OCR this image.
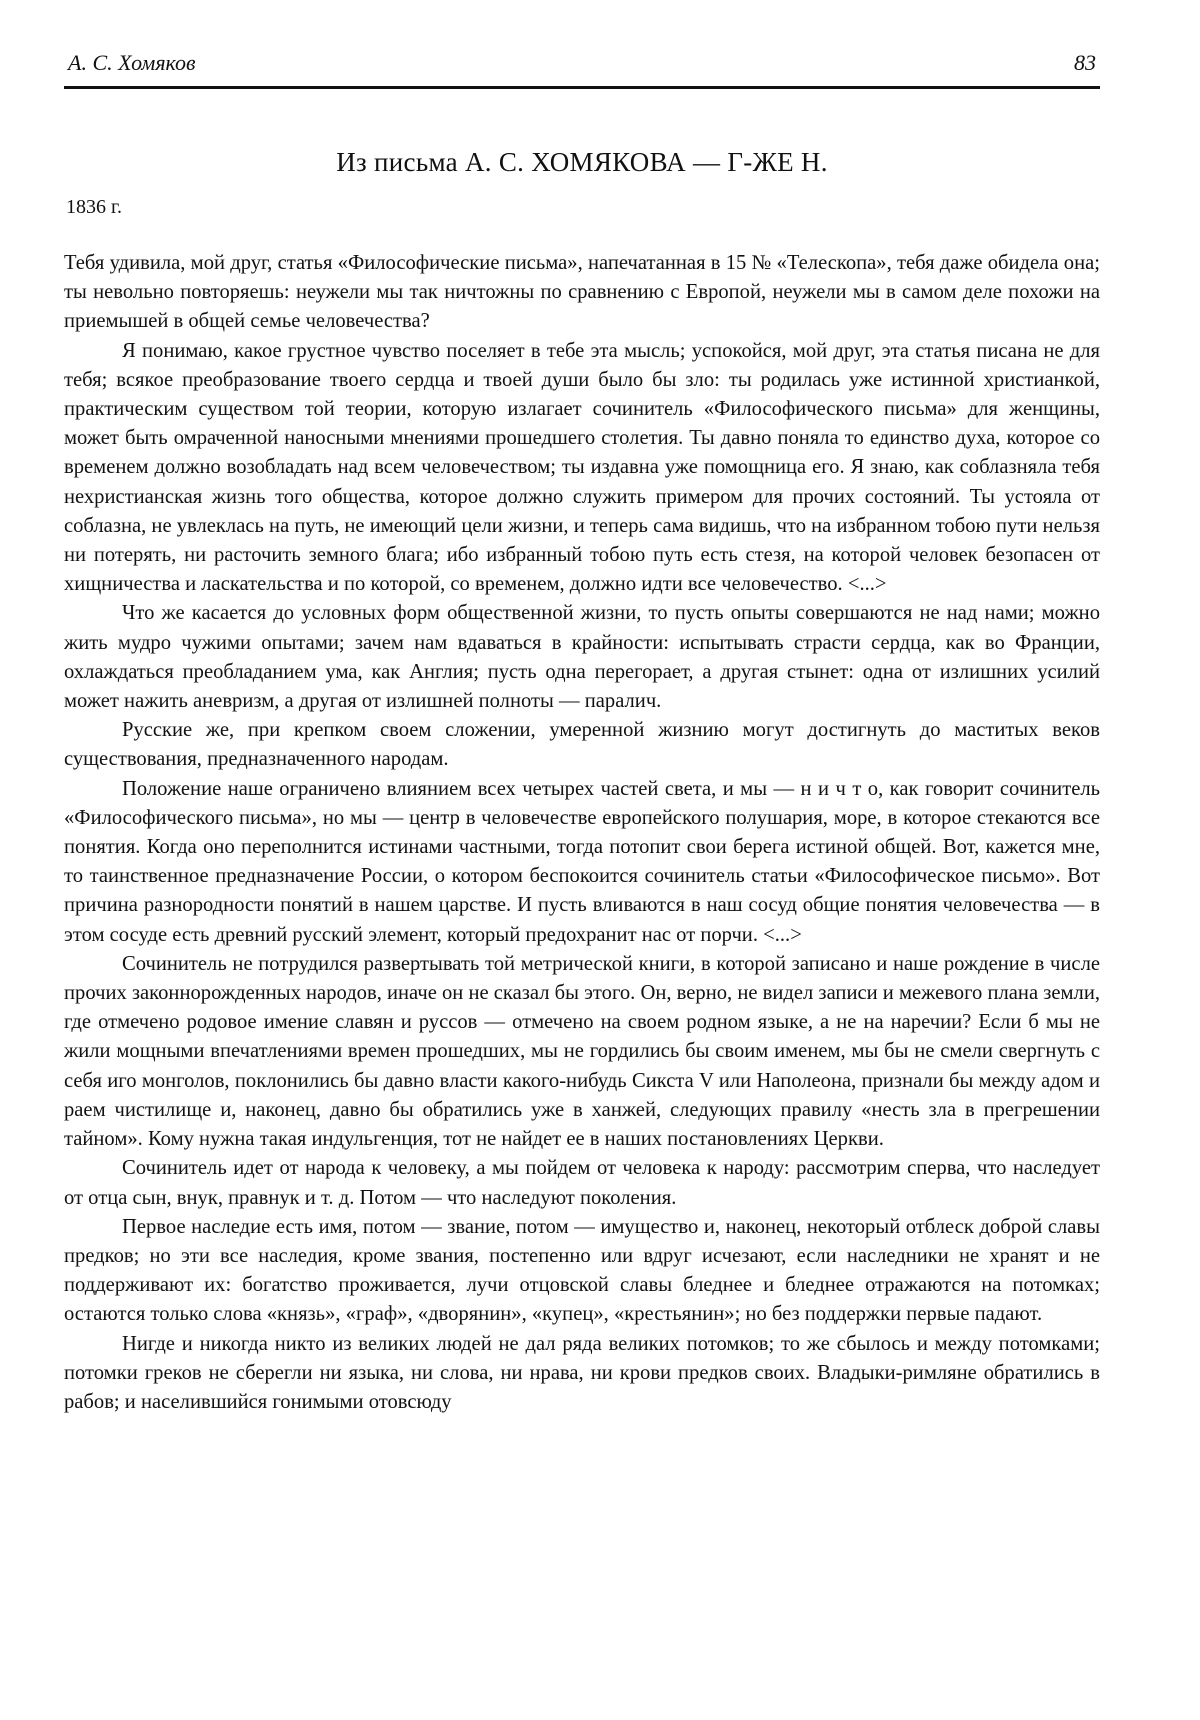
А. С. Хомяков	83
Из письма А. С. ХОМЯКОВА — Г-ЖЕ Н.
1836 г.

Тебя удивила, мой друг, статья «Философические письма», напечатанная в 15 № «Телескопа», тебя даже обидела она; ты невольно повторяешь: неужели мы так ничтожны по сравнению с Европой, неужели мы в самом деле похожи на приемышей в общей семье человечества?

Я понимаю, какое грустное чувство поселяет в тебе эта мысль; успокойся, мой друг, эта статья писана не для тебя; всякое преобразование твоего сердца и твоей души было бы зло: ты родилась уже истинной христианкой, практическим существом той теории, которую излагает сочинитель «Философического письма» для женщины, может быть омраченной наносными мнениями прошедшего столетия. Ты давно поняла то единство духа, которое со временем должно возобладать над всем человечеством; ты издавна уже помощница его. Я знаю, как соблазняла тебя нехристианская жизнь того общества, которое должно служить примером для прочих состояний. Ты устояла от соблазна, не увлеклась на путь, не имеющий цели жизни, и теперь сама видишь, что на избранном тобою пути нельзя ни потерять, ни расточить земного блага; ибо избранный тобою путь есть стезя, на которой человек безопасен от хищничества и ласкательства и по которой, со временем, должно идти все человечество. <...>

Что же касается до условных форм общественной жизни, то пусть опыты совершаются не над нами; можно жить мудро чужими опытами; зачем нам вдаваться в крайности: испытывать страсти сердца, как во Франции, охлаждаться преобладанием ума, как Англия; пусть одна перегорает, а другая стынет: одна от излишних усилий может нажить аневризм, а другая от излишней полноты — паралич.

Русские же, при крепком своем сложении, умеренной жизнию могут достигнуть до маститых веков существования, предназначенного народам.

Положение наше ограничено влиянием всех четырех частей света, и мы — н и ч т о, как говорит сочинитель «Философического письма», но мы — центр в человечестве европейского полушария, море, в которое стекаются все понятия. Когда оно переполнится истинами частными, тогда потопит свои берега истиной общей. Вот, кажется мне, то таинственное предназначение России, о котором беспокоится сочинитель статьи «Философическое письмо». Вот причина разнородности понятий в нашем царстве. И пусть вливаются в наш сосуд общие понятия человечества — в этом сосуде есть древний русский элемент, который предохранит нас от порчи. <...>

Сочинитель не потрудился развертывать той метрической книги, в которой записано и наше рождение в числе прочих законнорожденных народов, иначе он не сказал бы этого. Он, верно, не видел записи и межевого плана земли, где отмечено родовое имение славян и руссов — отмечено на своем родном языке, а не на наречии? Если б мы не жили мощными впечатлениями времен прошедших, мы не гордились бы своим именем, мы бы не смели свергнуть с себя иго монголов, поклонились бы давно власти какого-нибудь Сикста V или Наполеона, признали бы между адом и раем чистилище и, наконец, давно бы обратились уже в ханжей, следующих правилу «несть зла в прегрешении тайном». Кому нужна такая индульгенция, тот не найдет ее в наших постановлениях Церкви.

Сочинитель идет от народа к человеку, а мы пойдем от человека к народу: рассмотрим сперва, что наследует от отца сын, внук, правнук и т. д. Потом — что наследуют поколения.

Первое наследие есть имя, потом — звание, потом — имущество и, наконец, некоторый отблеск доброй славы предков; но эти все наследия, кроме звания, постепенно или вдруг исчезают, если наследники не хранят и не поддерживают их: богатство проживается, лучи отцовской славы бледнее и бледнее отражаются на потомках; остаются только слова «князь», «граф», «дворянин», «купец», «крестьянин»; но без поддержки первые падают.

Нигде и никогда никто из великих людей не дал ряда великих потомков; то же сбылось и между потомками; потомки греков не сберегли ни языка, ни слова, ни нрава, ни крови предков своих. Владыки-римляне обратились в рабов; и населившийся гонимыми отовсюду
